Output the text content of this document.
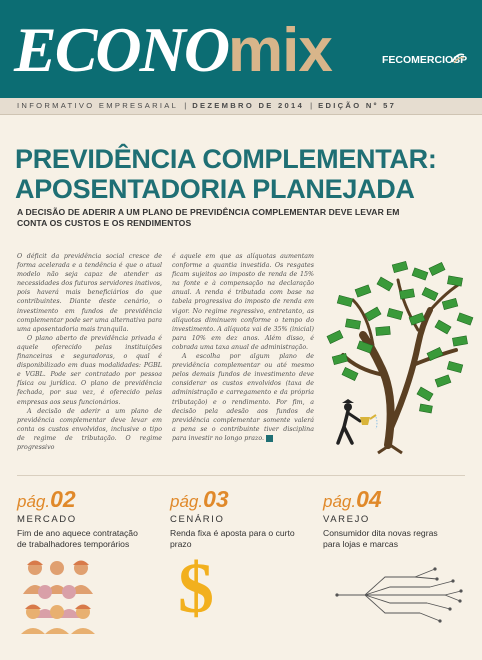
ECONOmix	FECOMERCIOSP
INFORMATIVO EMPRESARIAL | DEZEMBRO DE 2014 | EDIÇÃO Nº 57
PREVIDÊNCIA COMPLEMENTAR:
APOSENTADORIA PLANEJADA
A DECISÃO DE ADERIR A UM PLANO DE PREVIDÊNCIA COMPLEMENTAR DEVE LEVAR EM CONTA OS CUSTOS E OS RENDIMENTOS

O déficit da previdência social cresce de forma acelerada e a tendência é que o atual modelo não seja capaz de atender as necessidades dos futuros servidores inativos, pois haverá mais beneficiários do que contribuintes. Diante deste cenário, o investimento em fundos de previdência complementar pode ser uma alternativa para uma aposentadoria mais tranquila.

O plano aberto de previdência privada é aquele oferecido pelas instituições financeiras e seguradoras, o qual é disponibilizado em duas modalidades: PGBL e VGBL. Pode ser contratado por pessoa física ou jurídica. O plano de previdência fechada, por sua vez, é oferecido pelas empresas aos seus funcionários.

A decisão de aderir a um plano de previdência complementar deve levar em conta os custos envolvidos, inclusive o tipo de regime de tributação. O regime progressivo

é aquele em que as alíquotas aumentam conforme a quantia investida. Os resgates ficam sujeitos ao imposto de renda de 15% na fonte e à compensação na declaração anual. A renda é tributada com base na tabela progressiva do imposto de renda em vigor. No regime regressivo, entretanto, as alíquotas diminuem conforme o tempo do investimento. A alíquota vai de 35% (inicial) para 10% em dez anos. Além disso, é cobrada uma taxa anual de administração.

A escolha por algum plano de previdência complementar ou até mesmo pelos demais fundos de investimento deve considerar os custos envolvidos (taxa de administração e carregamento e da própria tributação) e o rendimento. Por fim, a decisão pela adesão aos fundos de previdência complementar somente valerá a pena se o contribuinte tiver disciplina para investir no longo prazo.

pág.02
MERCADO
Fim de ano aquece contratação de trabalhadores temporários
pág.03
CENÁRIO
Renda fixa é aposta para o curto prazo
pág.04
VAREJO
Consumidor dita novas regras para lojas e marcas
$
